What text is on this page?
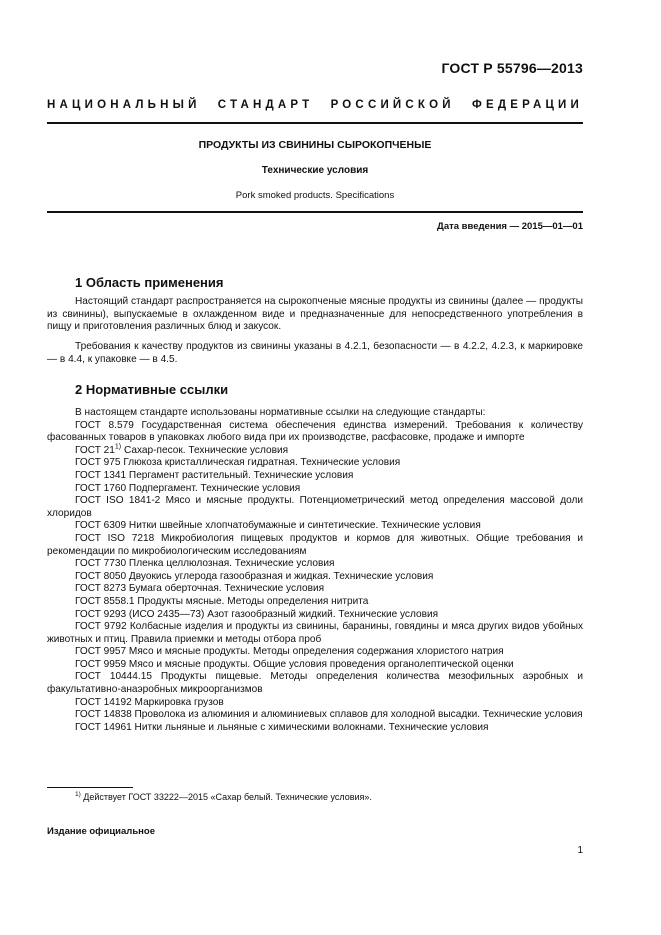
ГОСТ Р 55796—2013
НАЦИОНАЛЬНЫЙ СТАНДАРТ РОССИЙСКОЙ ФЕДЕРАЦИИ
ПРОДУКТЫ ИЗ СВИНИНЫ СЫРОКОПЧЕНЫЕ
Технические условия
Pork smoked products. Specifications
Дата введения — 2015—01—01
1 Область применения

Настоящий стандарт распространяется на сырокопченые мясные продукты из свинины (далее — продукты из свинины), выпускаемые в охлажденном виде и предназначенные для непосредственного употребления в пищу и приготовления различных блюд и закусок.

Требования к качеству продуктов из свинины указаны в 4.2.1, безопасности — в 4.2.2, 4.2.3, к маркировке — в 4.4, к упаковке — в 4.5.

2 Нормативные ссылки

В настоящем стандарте использованы нормативные ссылки на следующие стандарты:

ГОСТ 8.579 Государственная система обеспечения единства измерений. Требования к количеству фасованных товаров в упаковках любого вида при их производстве, расфасовке, продаже и импорте

ГОСТ 21$^{1)}$ Сахар-песок. Технические условия

ГОСТ 975 Глюкоза кристаллическая гидратная. Технические условия

ГОСТ 1341 Пергамент растительный. Технические условия

ГОСТ 1760 Подпергамент. Технические условия

ГОСТ ISO 1841-2 Мясо и мясные продукты. Потенциометрический метод определения массовой доли хлоридов

ГОСТ 6309 Нитки швейные хлопчатобумажные и синтетические. Технические условия

ГОСТ ISO 7218 Микробиология пищевых продуктов и кормов для животных. Общие требования и рекомендации по микробиологическим исследованиям

ГОСТ 7730 Пленка целлюлозная. Технические условия

ГОСТ 8050 Двуокись углерода газообразная и жидкая. Технические условия

ГОСТ 8273 Бумага оберточная. Технические условия

ГОСТ 8558.1 Продукты мясные. Методы определения нитрита

ГОСТ 9293 (ИСО 2435—73) Азот газообразный жидкий. Технические условия

ГОСТ 9792 Колбасные изделия и продукты из свинины, баранины, говядины и мяса других видов убойных животных и птиц. Правила приемки и методы отбора проб

ГОСТ 9957 Мясо и мясные продукты. Методы определения содержания хлористого натрия

ГОСТ 9959 Мясо и мясные продукты. Общие условия проведения органолептической оценки

ГОСТ 10444.15 Продукты пищевые. Методы определения количества мезофильных аэробных и факультативно-анаэробных микроорганизмов

ГОСТ 14192 Маркировка грузов

ГОСТ 14838 Проволока из алюминия и алюминиевых сплавов для холодной высадки. Технические условия

ГОСТ 14961 Нитки льняные и льняные с химическими волокнами. Технические условия

$^{1)}$ Действует ГОСТ 33222—2015 «Сахар белый. Технические условия».
Издание официальное
1
